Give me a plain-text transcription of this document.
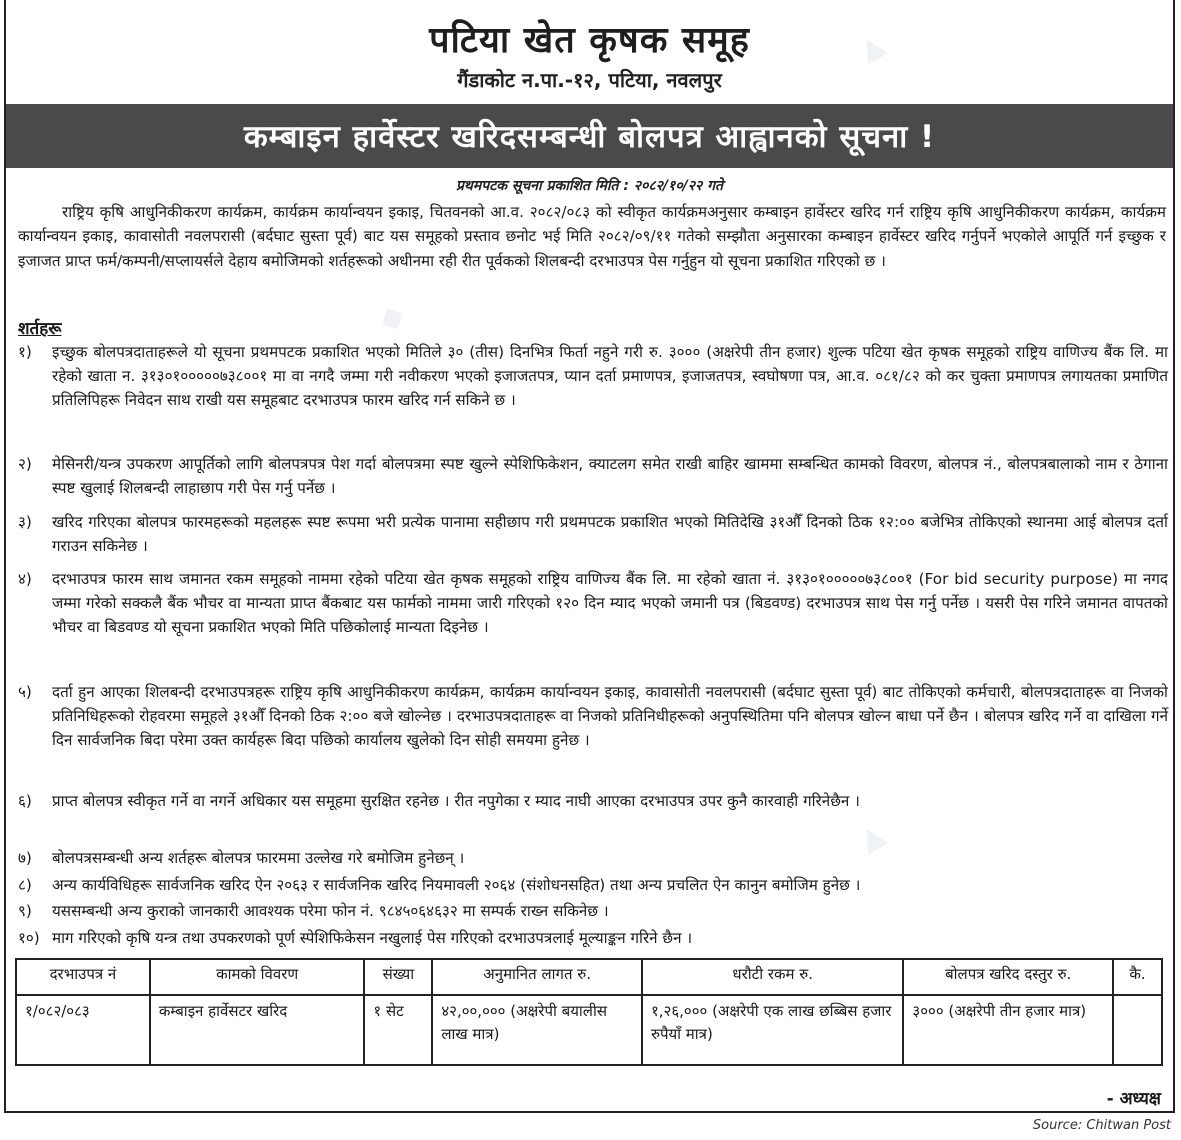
◆
▲
▲
पटिया खेत कृषक समूह
गैंडाकोट न.पा.-१२, पटिया, नवलपुर
कम्बाइन हार्वेस्टर खरिदसम्बन्धी बोलपत्र आह्वानको सूचना !
प्रथमपटक सूचना प्रकाशित मिति : २०८२/१०/२२ गते
राष्ट्रिय कृषि आधुनिकीकरण कार्यक्रम, कार्यक्रम कार्यान्वयन इकाइ, चितवनको आ.व. २०८२/०८३ को स्वीकृत कार्यक्रमअनुसार कम्बाइन हार्वेस्टर खरिद गर्न राष्ट्रिय कृषि आधुनिकीकरण कार्यक्रम, कार्यक्रम कार्यान्वयन इकाइ, कावासोती नवलपरासी (बर्दघाट सुस्ता पूर्व) बाट यस समूहको प्रस्ताव छनोट भई मिति २०८२/०९/११ गतेको सम्झौता अनुसारका कम्बाइन हार्वेस्टर खरिद गर्नुपर्ने भएकोले आपूर्ति गर्न इच्छुक र इजाजत प्राप्त फर्म/कम्पनी/सप्लायर्सले देहाय बमोजिमको शर्तहरूको अधीनमा रही रीत पूर्वकको शिलबन्दी दरभाउपत्र पेस गर्नुहुन यो सूचना प्रकाशित गरिएको छ ।
शर्तहरू
१)	इच्छुक बोलपत्रदाताहरूले यो सूचना प्रथमपटक प्रकाशित भएको मितिले ३० (तीस) दिनभित्र फिर्ता नहुने गरी रु. ३००० (अक्षरेपी तीन हजार) शुल्क पटिया खेत कृषक समूहको राष्ट्रिय वाणिज्य बैंक लि. मा रहेको खाता न. ३१३०१०००००७३८००१ मा वा नगदै जम्मा गरी नवीकरण भएको इजाजतपत्र, प्यान दर्ता प्रमाणपत्र, इजाजतपत्र, स्वघोषणा पत्र, आ.व. ०८१/८२ को कर चुक्ता प्रमाणपत्र लगायतका प्रमाणित प्रतिलिपिहरू निवेदन साथ राखी यस समूहबाट दरभाउपत्र फारम खरिद गर्न सकिने छ ।
२)	मेसिनरी/यन्त्र उपकरण आपूर्तिको लागि बोलपत्रपत्र पेश गर्दा बोलपत्रमा स्पष्ट खुल्ने स्पेशिफिकेशन, क्याटलग समेत राखी बाहिर खाममा सम्बन्धित कामको विवरण, बोलपत्र नं., बोलपत्रबालाको नाम र ठेगाना स्पष्ट खुलाई शिलबन्दी लाहाछाप गरी पेस गर्नु पर्नेछ ।
३)	खरिद गरिएका बोलपत्र फारमहरूको महलहरू स्पष्ट रूपमा भरी प्रत्येक पानामा सहीछाप गरी प्रथमपटक प्रकाशित भएको मितिदेखि ३१औँ दिनको ठिक १२:०० बजेभित्र तोकिएको स्थानमा आई बोलपत्र दर्ता गराउन सकिनेछ ।
४)	दरभाउपत्र फारम साथ जमानत रकम समूहको नाममा रहेको पटिया खेत कृषक समूहको राष्ट्रिय वाणिज्य बैंक लि. मा रहेको खाता नं. ३१३०१०००००७३८००१ (For bid security purpose) मा नगद जम्मा गरेको सक्कलै बैंक भौचर वा मान्यता प्राप्त बैंकबाट यस फार्मको नाममा जारी गरिएको १२० दिन म्याद भएको जमानी पत्र (बिडवण्ड) दरभाउपत्र साथ पेस गर्नु पर्नेछ । यसरी पेस गरिने जमानत वापतको भौचर वा बिडवण्ड यो सूचना प्रकाशित भएको मिति पछिकोलाई मान्यता दिइनेछ ।
५)	दर्ता हुन आएका शिलबन्दी दरभाउपत्रहरू राष्ट्रिय कृषि आधुनिकीकरण कार्यक्रम, कार्यक्रम कार्यान्वयन इकाइ, कावासोती नवलपरासी (बर्दघाट सुस्ता पूर्व) बाट तोकिएको कर्मचारी, बोलपत्रदाताहरू वा निजको प्रतिनिधिहरूको रोहवरमा समूहले ३१औँ दिनको ठिक २:०० बजे खोल्नेछ । दरभाउपत्रदाताहरू वा निजको प्रतिनिधीहरूको अनुपस्थितिमा पनि बोलपत्र खोल्न बाधा पर्ने छैन । बोलपत्र खरिद गर्ने वा दाखिला गर्ने दिन सार्वजनिक बिदा परेमा उक्त कार्यहरू बिदा पछिको कार्यालय खुलेको दिन सोही समयमा हुनेछ ।
६)	प्राप्त बोलपत्र स्वीकृत गर्ने वा नगर्ने अधिकार यस समूहमा सुरक्षित रहनेछ । रीत नपुगेका र म्याद नाघी आएका दरभाउपत्र उपर कुनै कारवाही गरिनेछैन ।
७)	बोलपत्रसम्बन्धी अन्य शर्तहरू बोलपत्र फारममा उल्लेख गरे बमोजिम हुनेछन् ।
८)	अन्य कार्यविधिहरू सार्वजनिक खरिद ऐन २०६३ र सार्वजनिक खरिद नियमावली २०६४ (संशोधनसहित) तथा अन्य प्रचलित ऐन कानुन बमोजिम हुनेछ ।
९)	यससम्बन्धी अन्य कुराको जानकारी आवश्यक परेमा फोन नं. ९८४५०६४६३२ मा सम्पर्क राख्न सकिनेछ ।
१०) माग गरिएको कृषि यन्त्र तथा उपकरणको पूर्ण स्पेशिफिकेसन नखुलाई पेस गरिएको दरभाउपत्रलाई मूल्याङ्कन गरिने छैन ।
दरभाउपत्र नं	कामको विवरण	संख्या	अनुमानित लागत रु.	धरौटी रकम रु.	बोलपत्र खरिद दस्तुर रु.	कै.
१/०८२/०८३	कम्बाइन हार्वेसटर खरिद	१ सेट	४२,००,००० (अक्षरेपी बयालीस लाख मात्र)	१,२६,००० (अक्षरेपी एक लाख छब्बिस हजार रुपैयाँ मात्र)	३००० (अक्षरेपी तीन हजार मात्र)	
- अध्यक्ष
Source: Chitwan Post
